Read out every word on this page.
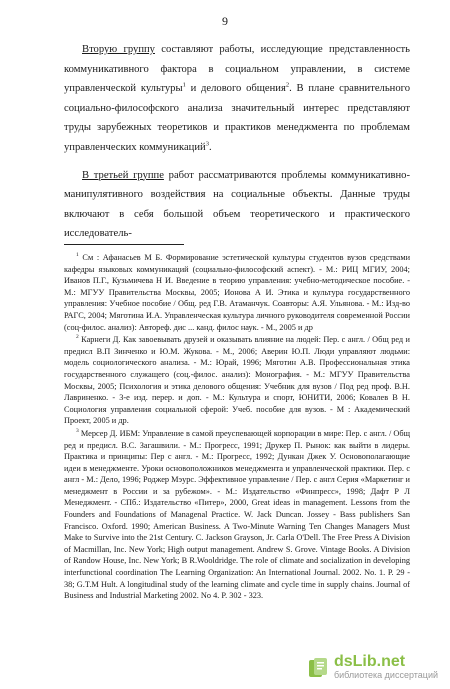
9

Вторую группу составляют работы, исследующие представленность коммуникативного фактора в социальном управлении, в системе управленческой культуры$^1$ и делового общения$^2$. В плане сравнительного социально-философского анализа значительный интерес представляют труды зарубежных теоретиков и практиков менеджмента по проблемам управленческих коммуникаций$^3$.

В третьей группе работ рассматриваются проблемы коммуникативно-манипулятивного воздействия на социальные объекты. Данные труды включают в себя большой объем теоретического и практического исследователь-

$^1$ См : Афанасьев М Б. Формирование эстетической культуры студентов вузов средствами кафедры языковых коммуникаций (социально-философский аспект). - М.: РИЦ МГИУ, 2004; Иванов П.Г., Кузьмичева Н И. Введение в теорию управления: учебно-методическое пособие. - М.: МГУУ Правительства Москвы, 2005; Ионова А И. Этика и культура государственного управления: Учебное пособие / Общ. ред Г.В. Атаманчук. Соавторы: А.Я. Ульянова. - М.: Изд-во РАГС, 2004; Мяготина И.А. Управленческая культура личного руководителя современной России (соц-филос. анализ): Автореф. дис ... канд. филос наук. - М., 2005 и др

$^2$ Карнеги Д. Как завоевывать друзей и оказывать влияние на людей: Пер. с англ. / Общ ред и предисл В.П Зинченко и Ю.М. Жукова. - М., 2006; Аверин Ю.П. Люди управляют людьми: модель социологического анализа. - М.: Юрай, 1996; Мяготин А.В. Профессиональная этика государственного служащего (соц.-филос. анализ): Монография. - М.: МГУУ Правительства Москвы, 2005; Психология и этика делового общения: Учебник для вузов / Под ред проф. В.Н. Лавриненко. - 3-е изд. перер. и доп. - М.: Культура и спорт, ЮНИТИ, 2006; Ковалев В Н. Социология управления социальной сферой: Учеб. пособие для вузов. - М : Академический Проект, 2005 и др.

$^3$ Мерсер Д. ИБМ: Управление в самой преуспевающей корпорации в мире: Пер. с англ. / Общ ред и предисл. В.С. Загашвили. - М.: Прогресс, 1991; Друкер П. Рынок: как выйти в лидеры. Практика и принципы: Пер с англ. - М.: Прогресс, 1992; Дункан Джек У. Основополагающие идеи в менеджменте. Уроки основоположников менеджмента и управленческой практики. Пер. с англ - М.: Дело, 1996; Роджер Мэурс. Эффективное управление / Пер. с англ Серия «Маркетинг и менеджмент в России и за рубежом». - М.: Издательство «Финпресс», 1998; Дафт Р Л Менеджмент. - СПб.: Издательство «Питер», 2000, Great ideas in management. Lessons from the Founders and Foundations of Managenal Practice. W. Jack Duncan. Jossey - Bass publishers San Francisco. Oxford. 1990; American Business. A Two-Minute Warning Ten Changes Managers Must Make to Survive into the 21st Century. C. Jackson Grayson, Jr. Carla O'Dell. The Free Press A Division of Macmillan, Inc. New York; High output management. Andrew S. Grove. Vintage Books. A Division of Randow House, Inc. New York; B R.Wooldridge. The role of climate and socialization in developing interfunctional coordination The Learning Organization: An International Journal. 2002. No. 1. P. 29 - 38; G.T.M Hult. A longitudinal study of the learning climate and cycle time in supply chains. Journal of Business and Industrial Marketing 2002. No 4. P. 302 - 323.

dsLib.net
библиотека диссертаций
